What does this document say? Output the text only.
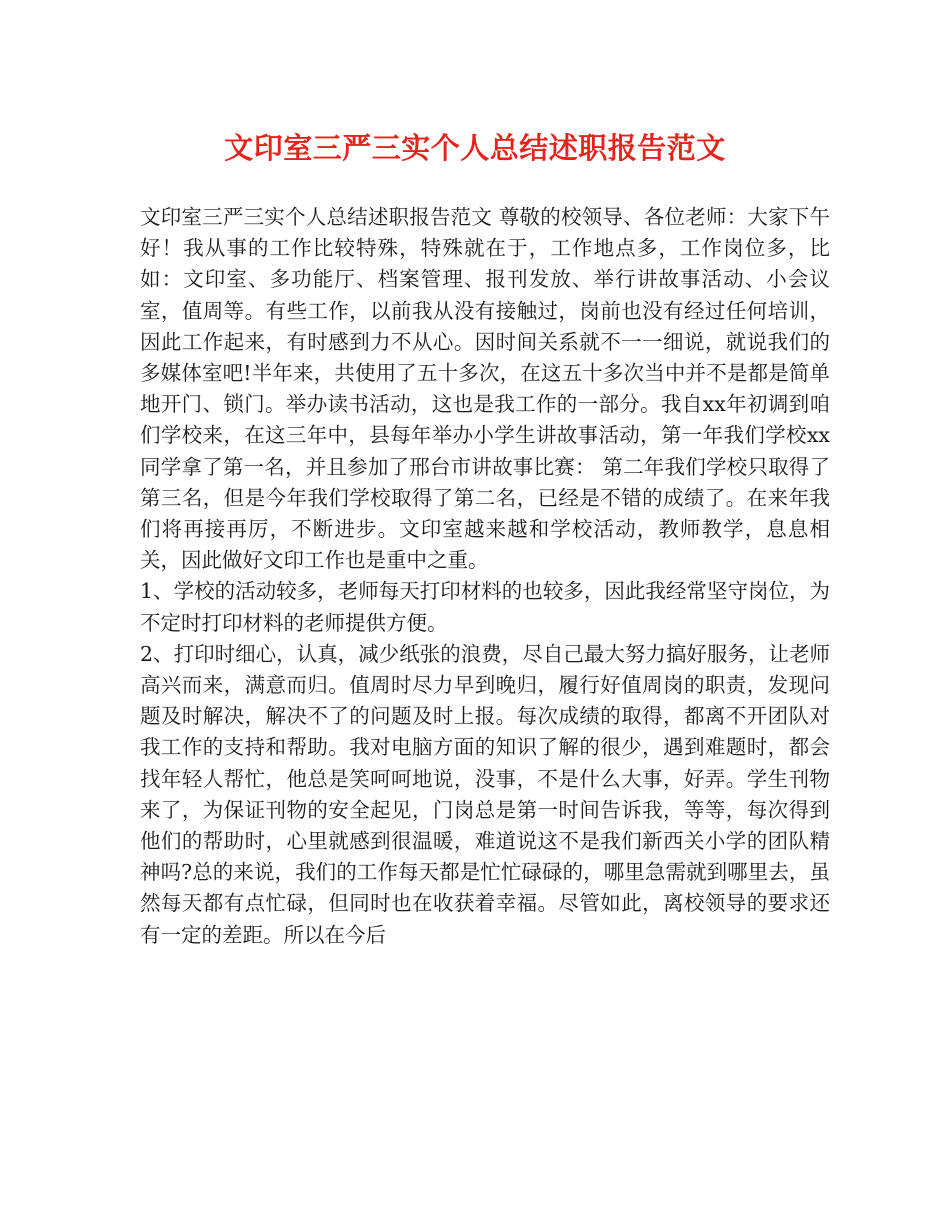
文印室三严三实个人总结述职报告范文

文印室三严三实个人总结述职报告范文 尊敬的校领导、各位老师：大家下午好！我从事的工作比较特殊，特殊就在于，工作地点多，工作岗位多，比如：文印室、多功能厅、档案管理、报刊发放、举行讲故事活动、小会议室，值周等。有些工作，以前我从没有接触过，岗前也没有经过任何培训，因此工作起来，有时感到力不从心。因时间关系就不一一细说，就说我们的多媒体室吧!半年来，共使用了五十多次，在这五十多次当中并不是都是简单地开门、锁门。举办读书活动，这也是我工作的一部分。我自xx年初调到咱们学校来，在这三年中，县每年举办小学生讲故事活动，第一年我们学校xx同学拿了第一名，并且参加了邢台市讲故事比赛： 第二年我们学校只取得了第三名，但是今年我们学校取得了第二名，已经是不错的成绩了。在来年我们将再接再厉，不断进步。文印室越来越和学校活动，教师教学，息息相关，因此做好文印工作也是重中之重。

1、学校的活动较多，老师每天打印材料的也较多，因此我经常坚守岗位，为不定时打印材料的老师提供方便。

2、打印时细心，认真，减少纸张的浪费，尽自己最大努力搞好服务，让老师高兴而来，满意而归。值周时尽力早到晚归，履行好值周岗的职责，发现问题及时解决，解决不了的问题及时上报。每次成绩的取得，都离不开团队对我工作的支持和帮助。我对电脑方面的知识了解的很少，遇到难题时，都会找年轻人帮忙，他总是笑呵呵地说，没事，不是什么大事，好弄。学生刊物来了，为保证刊物的安全起见，门岗总是第一时间告诉我，等等，每次得到他们的帮助时，心里就感到很温暖，难道说这不是我们新西关小学的团队精神吗?总的来说，我们的工作每天都是忙忙碌碌的，哪里急需就到哪里去，虽然每天都有点忙碌，但同时也在收获着幸福。尽管如此，离校领导的要求还有一定的差距。所以在今后
